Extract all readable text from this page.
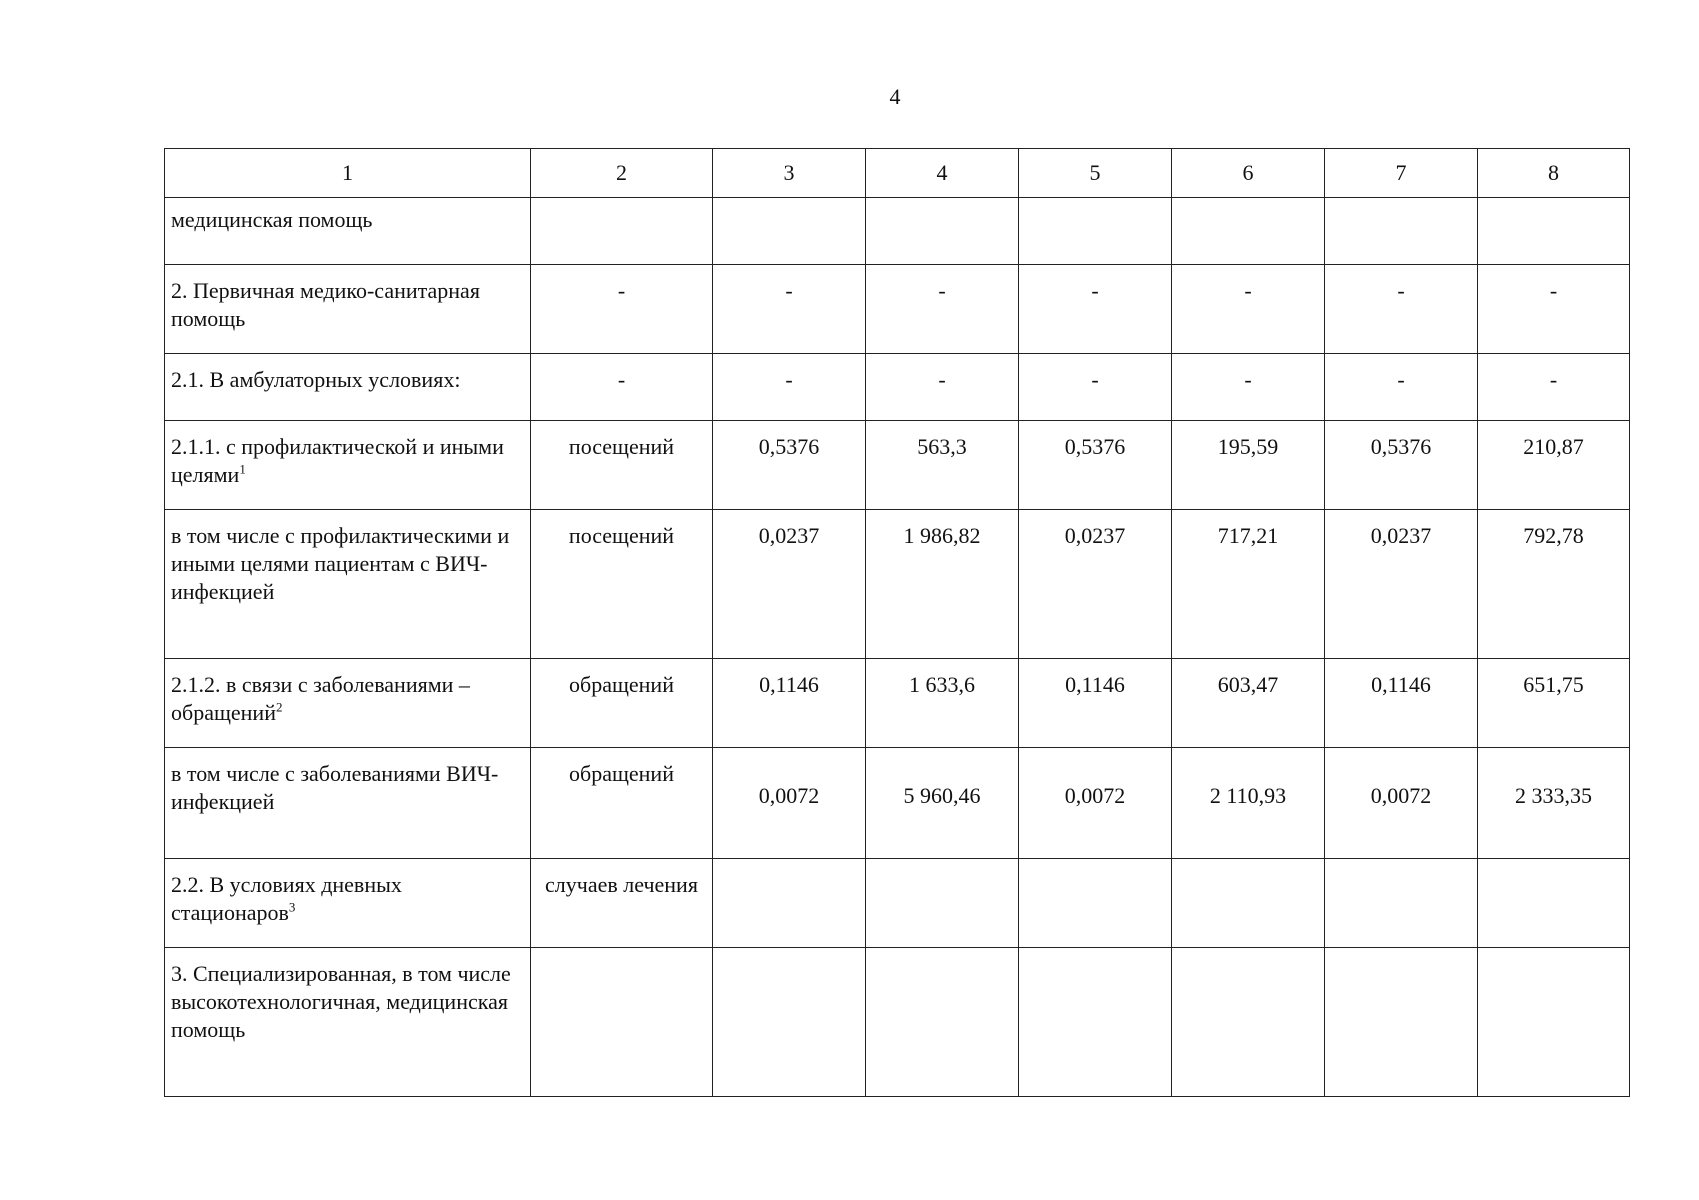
4
1	2	3	4	5	6	7	8
медицинская помощь							
2. Первичная медико-санитарная помощь	-	-	-	-	-	-	-
2.1. В амбулаторных условиях:	-	-	-	-	-	-	-
2.1.1. с профилактической и иными целями$^1$	посещений	0,5376	563,3	0,5376	195,59	0,5376	210,87
в том числе с профилактическими и иными целями пациентам с ВИЧ-инфекцией	посещений	0,0237	1 986,82	0,0237	717,21	0,0237	792,78
2.1.2. в связи с заболеваниями – обращений$^2$	обращений	0,1146	1 633,6	0,1146	603,47	0,1146	651,75
в том числе с заболеваниями ВИЧ-инфекцией	обращений	0,0072	5 960,46	0,0072	2 110,93	0,0072	2 333,35
2.2. В условиях дневных стационаров$^3$	случаев лечения						
3. Специализированная, в том числе высокотехнологичная, медицинская помощь							
